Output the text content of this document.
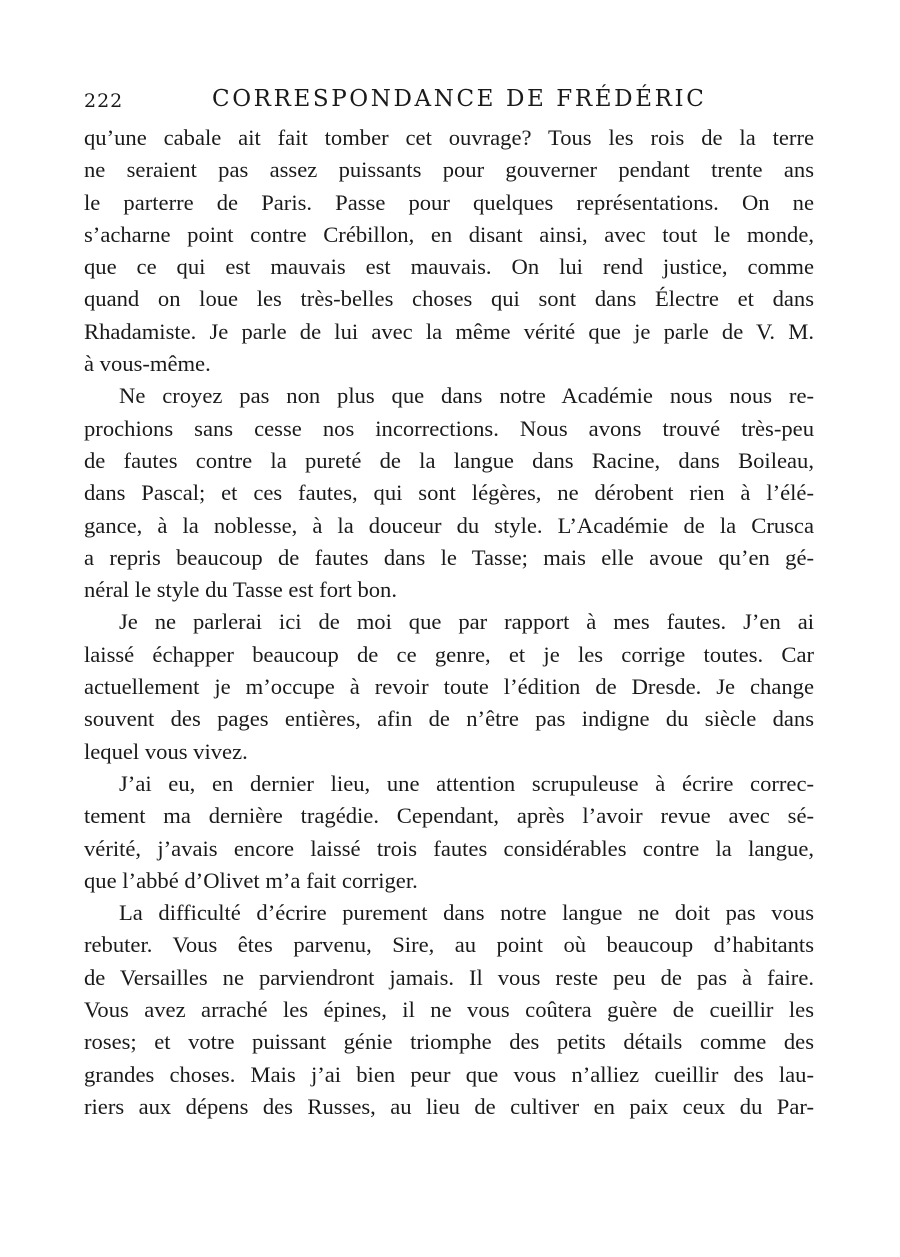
222	CORRESPONDANCE DE FRÉDÉRIC
qu’une cabale ait fait tomber cet ouvrage? Tous les rois de la terre
ne seraient pas assez puissants pour gouverner pendant trente ans
le parterre de Paris. Passe pour quelques représentations. On ne
s’acharne point contre Crébillon, en disant ainsi, avec tout le monde,
que ce qui est mauvais est mauvais. On lui rend justice, comme
quand on loue les très-belles choses qui sont dans Électre et dans
Rhadamiste. Je parle de lui avec la même vérité que je parle de V. M.
à vous-même.
Ne croyez pas non plus que dans notre Académie nous nous re-
prochions sans cesse nos incorrections. Nous avons trouvé très-peu
de fautes contre la pureté de la langue dans Racine, dans Boileau,
dans Pascal; et ces fautes, qui sont légères, ne dérobent rien à l’élé-
gance, à la noblesse, à la douceur du style. L’Académie de la Crusca
a repris beaucoup de fautes dans le Tasse; mais elle avoue qu’en gé-
néral le style du Tasse est fort bon.
Je ne parlerai ici de moi que par rapport à mes fautes. J’en ai
laissé échapper beaucoup de ce genre, et je les corrige toutes. Car
actuellement je m’occupe à revoir toute l’édition de Dresde. Je change
souvent des pages entières, afin de n’être pas indigne du siècle dans
lequel vous vivez.
J’ai eu, en dernier lieu, une attention scrupuleuse à écrire correc-
tement ma dernière tragédie. Cependant, après l’avoir revue avec sé-
vérité, j’avais encore laissé trois fautes considérables contre la langue,
que l’abbé d’Olivet m’a fait corriger.
La difficulté d’écrire purement dans notre langue ne doit pas vous
rebuter. Vous êtes parvenu, Sire, au point où beaucoup d’habitants
de Versailles ne parviendront jamais. Il vous reste peu de pas à faire.
Vous avez arraché les épines, il ne vous coûtera guère de cueillir les
roses; et votre puissant génie triomphe des petits détails comme des
grandes choses. Mais j’ai bien peur que vous n’alliez cueillir des lau-
riers aux dépens des Russes, au lieu de cultiver en paix ceux du Par-
